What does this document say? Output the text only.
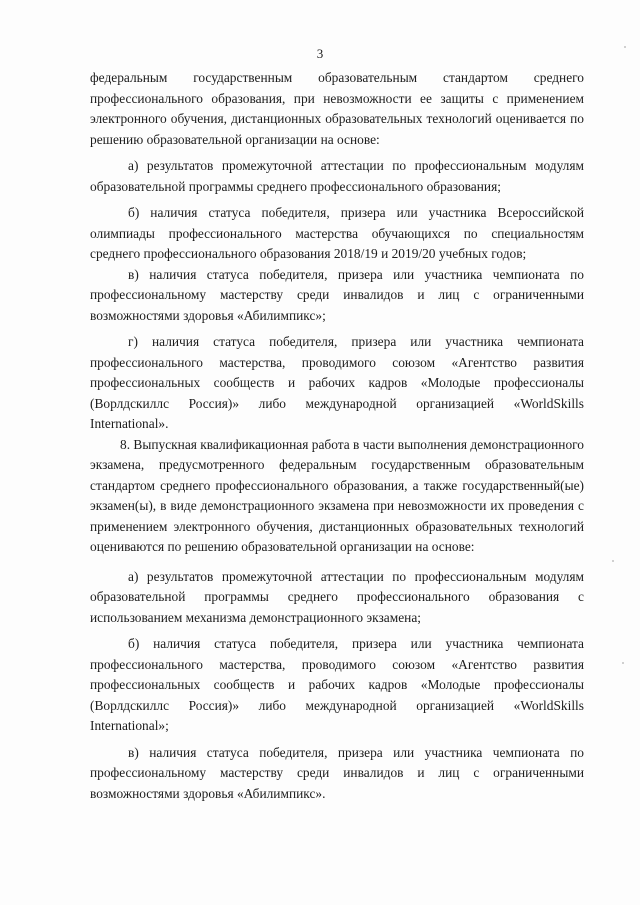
3

федеральным государственным образовательным стандартом среднего профессионального образования, при невозможности ее защиты с применением электронного обучения, дистанционных образовательных технологий оценивается по решению образовательной организации на основе:

а) результатов промежуточной аттестации по профессиональным модулям образовательной программы среднего профессионального образования;

б) наличия статуса победителя, призера или участника Всероссийской олимпиады профессионального мастерства обучающихся по специальностям среднего профессионального образования 2018/19 и 2019/20 учебных годов;

в) наличия статуса победителя, призера или участника чемпионата по профессиональному мастерству среди инвалидов и лиц с ограниченными возможностями здоровья «Абилимпикс»;

г) наличия статуса победителя, призера или участника чемпионата профессионального мастерства, проводимого союзом «Агентство развития профессиональных сообществ и рабочих кадров «Молодые профессионалы (Ворлдскиллс Россия)» либо международной организацией «WorldSkills International».

8. Выпускная квалификационная работа в части выполнения демонстрационного экзамена, предусмотренного федеральным государственным образовательным стандартом среднего профессионального образования, а также государственный(ые) экзамен(ы), в виде демонстрационного экзамена при невозможности их проведения с применением электронного обучения, дистанционных образовательных технологий оцениваются по решению образовательной организации на основе:

а) результатов промежуточной аттестации по профессиональным модулям образовательной программы среднего профессионального образования с использованием механизма демонстрационного экзамена;

б) наличия статуса победителя, призера или участника чемпионата профессионального мастерства, проводимого союзом «Агентство развития профессиональных сообществ и рабочих кадров «Молодые профессионалы (Ворлдскиллс Россия)» либо международной организацией «WorldSkills International»;

в) наличия статуса победителя, призера или участника чемпионата по профессиональному мастерству среди инвалидов и лиц с ограниченными возможностями здоровья «Абилимпикс».
